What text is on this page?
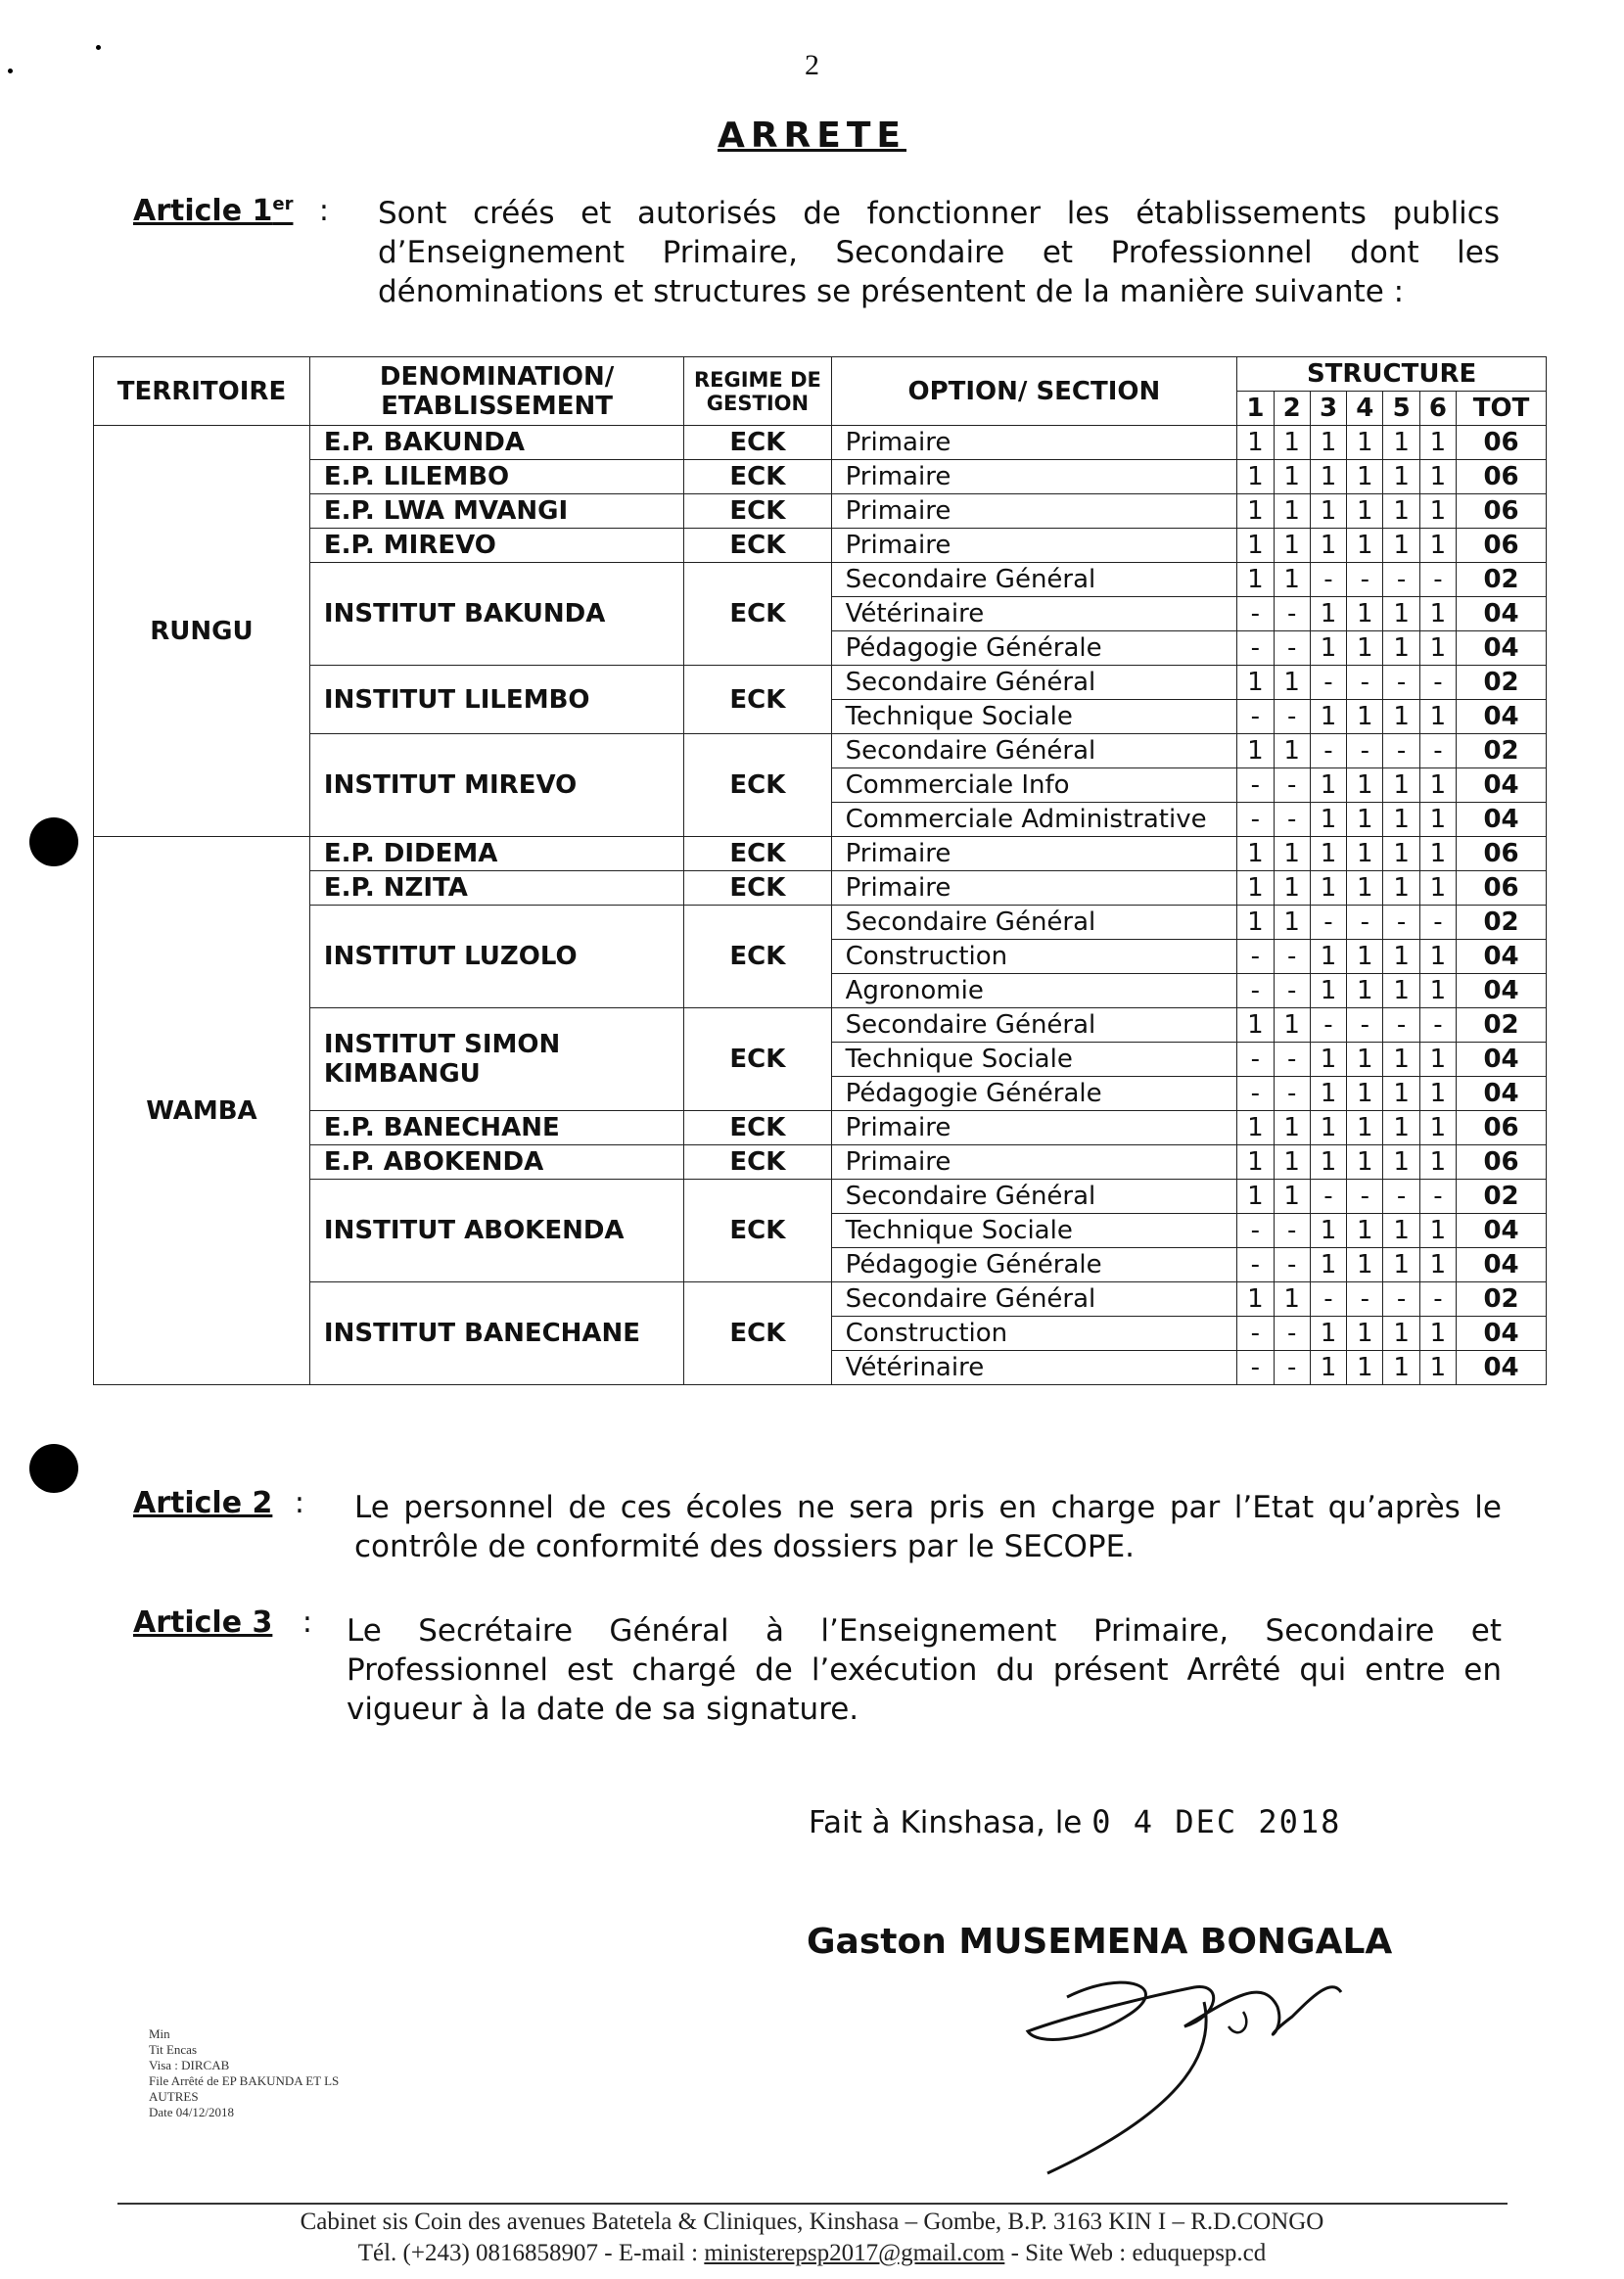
2
ARRETE
Article 1er : Sont créés et autorisés de fonctionner les établissements publics d’Enseignement Primaire, Secondaire et Professionnel dont les dénominations et structures se présentent de la manière suivante :
TERRITOIRE	DENOMINATION/ ETABLISSEMENT	REGIME DE GESTION	OPTION/ SECTION	STRUCTURE						
				1	2	3	4	5	6	TOT
RUNGU	E.P. BAKUNDA	ECK	Primaire	1	1	1	1	1	1	06
	E.P. LILEMBO	ECK	Primaire	1	1	1	1	1	1	06
	E.P. LWA MVANGI	ECK	Primaire	1	1	1	1	1	1	06
	E.P. MIREVO	ECK	Primaire	1	1	1	1	1	1	06
	INSTITUT BAKUNDA	ECK	Secondaire Général	1	1	-	-	-	-	02
			Vétérinaire	-	-	1	1	1	1	04
			Pédagogie Générale	-	-	1	1	1	1	04
	INSTITUT LILEMBO	ECK	Secondaire Général	1	1	-	-	-	-	02
			Technique Sociale	-	-	1	1	1	1	04
	INSTITUT MIREVO	ECK	Secondaire Général	1	1	-	-	-	-	02
			Commerciale Info	-	-	1	1	1	1	04
			Commerciale Administrative	-	-	1	1	1	1	04
WAMBA	E.P. DIDEMA	ECK	Primaire	1	1	1	1	1	1	06
	E.P. NZITA	ECK	Primaire	1	1	1	1	1	1	06
	INSTITUT LUZOLO	ECK	Secondaire Général	1	1	-	-	-	-	02
			Construction	-	-	1	1	1	1	04
			Agronomie	-	-	1	1	1	1	04
	INSTITUT SIMON KIMBANGU	ECK	Secondaire Général	1	1	-	-	-	-	02
			Technique Sociale	-	-	1	1	1	1	04
			Pédagogie Générale	-	-	1	1	1	1	04
	E.P. BANECHANE	ECK	Primaire	1	1	1	1	1	1	06
	E.P. ABOKENDA	ECK	Primaire	1	1	1	1	1	1	06
	INSTITUT ABOKENDA	ECK	Secondaire Général	1	1	-	-	-	-	02
			Technique Sociale	-	-	1	1	1	1	04
			Pédagogie Générale	-	-	1	1	1	1	04
	INSTITUT BANECHANE	ECK	Secondaire Général	1	1	-	-	-	-	02
			Construction	-	-	1	1	1	1	04
			Vétérinaire	-	-	1	1	1	1	04
Article 2 : Le personnel de ces écoles ne sera pris en charge par l’Etat qu’après le contrôle de conformité des dossiers par le SECOPE.
Article 3 : Le Secrétaire Général à l’Enseignement Primaire, Secondaire et Professionnel est chargé de l’exécution du présent Arrêté qui entre en vigueur à la date de sa signature.
Fait à Kinshasa, le 0 4 DEC 2018
Gaston MUSEMENA BONGALA
Min
Tit Encas
Visa : DIRCAB
File Arrêté de EP BAKUNDA ET LS
AUTRES
Date 04/12/2018
Cabinet sis Coin des avenues Batetela & Cliniques, Kinshasa – Gombe, B.P. 3163 KIN I – R.D.CONGO
Tél. (+243) 0816858907 - E-mail : ministerepsp2017@gmail.com - Site Web : eduquepsp.cd
